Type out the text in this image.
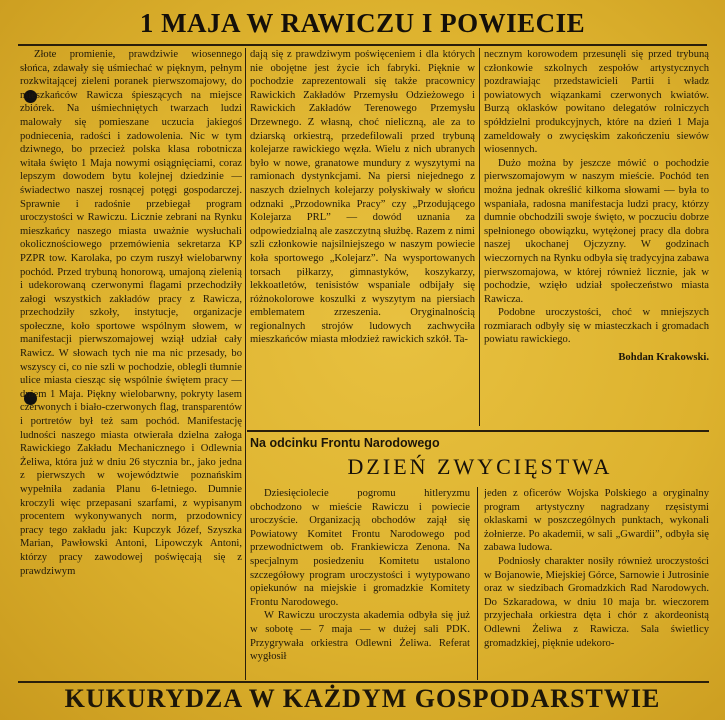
1 MAJA W RAWICZU I POWIECIE

Złote promienie, prawdziwie wiosennego słońca, zdawały się uśmiechać w pięknym, pełnym rozkwitającej zieleni poranek pierwszomajowy, do mieszkańców Rawicza śpieszących na miejsce zbiórek. Na uśmiechniętych twarzach ludzi malowały się pomieszane uczucia jakiegoś podniecenia, radości i zadowolenia. Nic w tym dziwnego, bo przecież polska klasa robotnicza witała święto 1 Maja nowymi osiągnięciami, coraz lepszym dowodem bytu kolejnej dziedzinie — świadectwo naszej rosnącej potęgi gospodarczej. Sprawnie i radośnie przebiegał program uroczystości w Rawiczu. Licznie zebrani na Rynku mieszkańcy naszego miasta uważnie wysłuchali okolicznościowego przemówienia sekretarza KP PZPR tow. Karolaka, po czym ruszył wielobarwny pochód. Przed trybuną honorową, umajoną zielenią i udekorowaną czerwonymi flagami przechodziły załogi wszystkich zakładów pracy z Rawicza, przechodziły szkoły, instytucje, organizacje społeczne, koło sportowe wspólnym słowem, w manifestacji pierwszomajowej wziął udział cały Rawicz. W słowach tych nie ma nic przesady, bo wszyscy ci, co nie szli w pochodzie, oblegli tłumnie ulice miasta ciesząc się wspólnie świętem pracy — dniem 1 Maja. Piękny wielobarwny, pokryty lasem czerwonych i biało-czerwonych flag, transparentów i portretów był też sam pochód. Manifestację ludności naszego miasta otwierała dzielna załoga Rawickiego Zakładu Mechanicznego i Odlewnia Żeliwa, która już w dniu 26 stycznia br., jako jedna z pierwszych w województwie poznańskim wypełniła zadania Planu 6-letniego. Dumnie kroczyli więc przepasani szarfami, z wypisanym procentem wykonywanych norm, przodownicy pracy tego zakładu jak: Kupczyk Józef, Szyszka Marian, Pawłowski Antoni, Lipowczyk Antoni, którzy pracy zawodowej poświęcają się z prawdziwym

dają się z prawdziwym poświęceniem i dla których nie obojętne jest życie ich fabryki. Pięknie w pochodzie zaprezentowali się także pracownicy Rawickich Zakładów Przemysłu Odzieżowego i Rawickich Zakładów Terenowego Przemysłu Drzewnego. Z własną, choć nieliczną, ale za to dziarską orkiestrą, przedefilowali przed trybuną kolejarze rawickiego węzła. Wielu z nich ubranych było w nowe, granatowe mundury z wyszytymi na ramionach dystynkcjami. Na piersi niejednego z naszych dzielnych kolejarzy połyskiwały w słońcu odznaki „Przodownika Pracy” czy „Przodującego Kolejarza PRL” — dowód uznania za odpowiedzialną ale zaszczytną służbę. Razem z nimi szli członkowie najsilniejszego w naszym powiecie koła sportowego „Kolejarz”. Na wysportowanych torsach piłkarzy, gimnastyków, koszykarzy, lekkoatletów, tenisistów wspaniale odbijały się różnokolorowe koszulki z wyszytym na piersiach emblematem zrzeszenia. Oryginalnością regionalnych strojów ludowych zachwyciła mieszkańców miasta młodzież rawickich szkół. Ta-

necznym korowodem przesunęli się przed trybuną członkowie szkolnych zespołów artystycznych pozdrawiając przedstawicieli Partii i władz powiatowych wiązankami czerwonych kwiatów. Burzą oklasków powitano delegatów rolniczych spółdzielni produkcyjnych, które na dzień 1 Maja zameldowały o zwycięskim zakończeniu siewów wiosennych.

Dużo można by jeszcze mówić o pochodzie pierwszomajowym w naszym mieście. Pochód ten można jednak określić kilkoma słowami — była to wspaniała, radosna manifestacja ludzi pracy, którzy dumnie obchodzili swoje święto, w poczuciu dobrze spełnionego obowiązku, wytężonej pracy dla dobra naszej ukochanej Ojczyzny. W godzinach wieczornych na Rynku odbyła się tradycyjna zabawa pierwszomajowa, w której również licznie, jak w pochodzie, wzięło udział społeczeństwo miasta Rawicza.

Podobne uroczystości, choć w mniejszych rozmiarach odbyły się w miasteczkach i gromadach powiatu rawickiego.

Bohdan Krakowski.
Na odcinku Frontu Narodowego
DZIEŃ ZWYCIĘSTWA

Dziesięciolecie pogromu hitleryzmu obchodzono w mieście Rawiczu i powiecie uroczyście. Organizacją obchodów zajął się Powiatowy Komitet Frontu Narodowego pod przewodnictwem ob. Frankiewicza Zenona. Na specjalnym posiedzeniu Komitetu ustalono szczegółowy program uroczystości i wytypowano opiekunów na miejskie i gromadzkie Komitety Frontu Narodowego.

W Rawiczu uroczysta akademia odbyła się już w sobotę — 7 maja — w dużej sali PDK. Przygrywała orkiestra Odlewni Żeliwa. Referat wygłosił

jeden z oficerów Wojska Polskiego a oryginalny program artystyczny nagradzany rzęsistymi oklaskami w poszczególnych punktach, wykonali żołnierze. Po akademii, w sali „Gwardii”, odbyła się zabawa ludowa.

Podniosły charakter nosiły również uroczystości w Bojanowie, Miejskiej Górce, Sarnowie i Jutrosinie oraz w siedzibach Gromadzkich Rad Narodowych. Do Szkaradowa, w dniu 10 maja br. wieczorem przyjechała orkiestra dęta i chór z akordeonistą Odlewni Żeliwa z Rawicza. Sala świetlicy gromadzkiej, pięknie udekoro-

KUKURYDZA W KAŻDYM GOSPODARSTWIE
